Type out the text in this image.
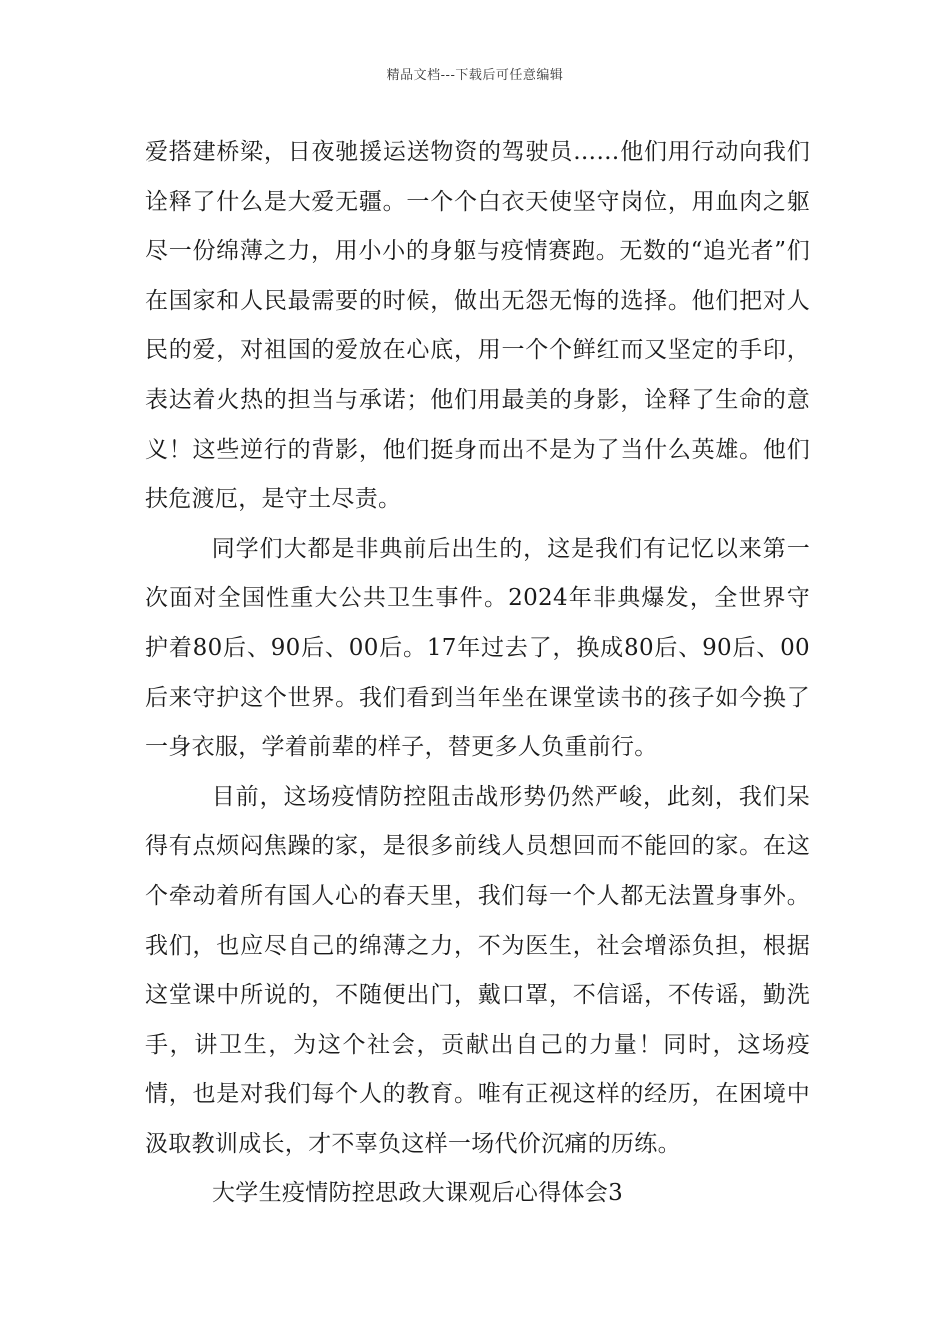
精品文档---下载后可任意编辑

爱搭建桥梁，日夜驰援运送物资的驾驶员……他们用行动向我们诠释了什么是大爱无疆。一个个白衣天使坚守岗位，用血肉之躯尽一份绵薄之力，用小小的身躯与疫情赛跑。无数的“追光者”们在国家和人民最需要的时候，做出无怨无悔的选择。他们把对人民的爱，对祖国的爱放在心底，用一个个鲜红而又坚定的手印，表达着火热的担当与承诺；他们用最美的身影，诠释了生命的意义！这些逆行的背影，他们挺身而出不是为了当什么英雄。他们扶危渡厄，是守土尽责。

同学们大都是非典前后出生的，这是我们有记忆以来第一次面对全国性重大公共卫生事件。2024年非典爆发，全世界守护着80后、90后、00后。17年过去了，换成80后、90后、00后来守护这个世界。我们看到当年坐在课堂读书的孩子如今换了一身衣服，学着前辈的样子，替更多人负重前行。

目前，这场疫情防控阻击战形势仍然严峻，此刻，我们呆得有点烦闷焦躁的家，是很多前线人员想回而不能回的家。在这个牵动着所有国人心的春天里，我们每一个人都无法置身事外。我们，也应尽自己的绵薄之力，不为医生，社会增添负担，根据这堂课中所说的，不随便出门，戴口罩，不信谣，不传谣，勤洗手，讲卫生，为这个社会，贡献出自己的力量！同时，这场疫情，也是对我们每个人的教育。唯有正视这样的经历，在困境中汲取教训成长，才不辜负这样一场代价沉痛的历练。

大学生疫情防控思政大课观后心得体会3
